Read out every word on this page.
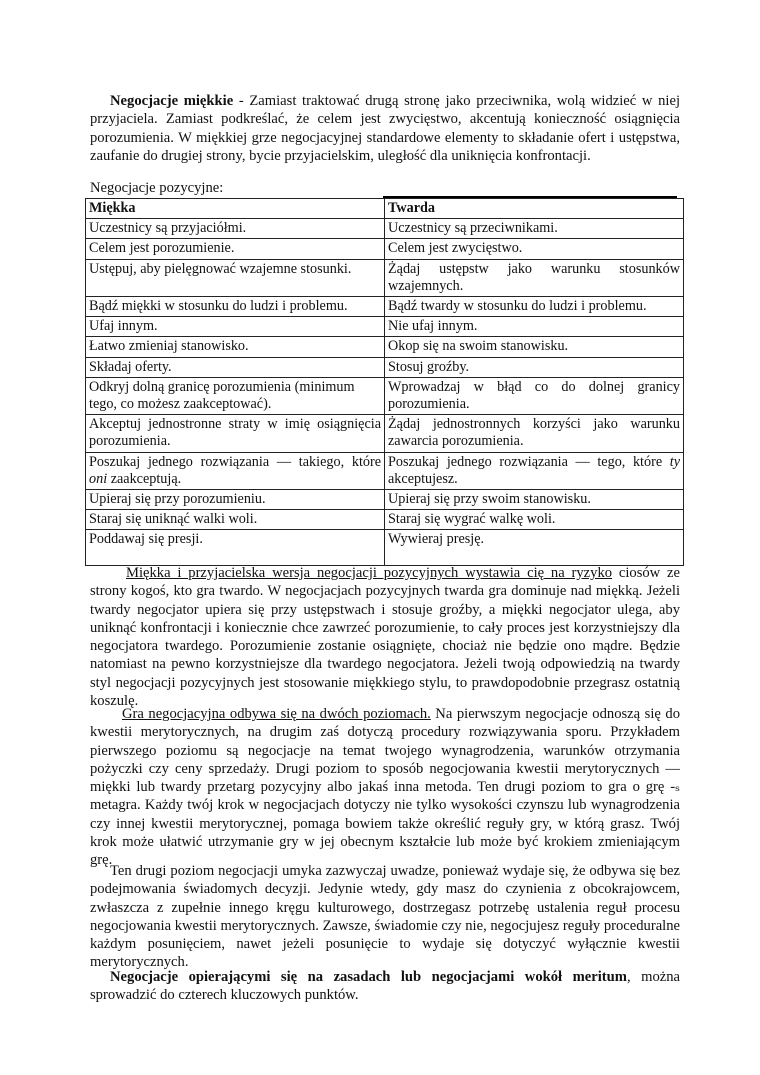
Negocjacje miękkie - Zamiast traktować drugą stronę jako przeciwnika, wolą widzieć w niej przyjaciela. Zamiast podkreślać, że celem jest zwycięstwo, akcentują konieczność osiągnięcia porozumienia. W miękkiej grze negocjacyjnej standardowe elementy to składanie ofert i ustępstwa, zaufanie do drugiej strony, bycie przyjacielskim, uległość dla uniknięcia konfrontacji.
Negocjacje pozycyjne:
Miękka	Twarda
Uczestnicy są przyjaciółmi.	Uczestnicy są przeciwnikami.
Celem jest porozumienie.	Celem jest zwycięstwo.
Ustępuj, aby pielęgnować wzajemne stosunki.	Żądaj ustępstw jako warunku stosunków wzajemnych.
Bądź miękki w stosunku do ludzi i problemu.	Bądź twardy w stosunku do ludzi i problemu.
Ufaj innym.	Nie ufaj innym.
Łatwo zmieniaj stanowisko.	Okop się na swoim stanowisku.
Składaj oferty.	Stosuj groźby.
Odkryj dolną granicę porozumienia (minimum tego, co możesz zaakceptować).	Wprowadzaj w błąd co do dolnej granicy porozumienia.
Akceptuj jednostronne straty w imię osiągnięcia porozumienia.	Żądaj jednostronnych korzyści jako warunku zawarcia porozumienia.
Poszukaj jednego rozwiązania — takiego, które oni zaakceptują.	Poszukaj jednego rozwiązania — tego, które ty akceptujesz.
Upieraj się przy porozumieniu.	Upieraj się przy swoim stanowisku.
Staraj się uniknąć walki woli.	Staraj się wygrać walkę woli.
Poddawaj się presji.	Wywieraj presję.
Miękka i przyjacielska wersja negocjacji pozycyjnych wystawia cię na ryzyko ciosów ze strony kogoś, kto gra twardo. W negocjacjach pozycyjnych twarda gra dominuje nad miękką. Jeżeli twardy negocjator upiera się przy ustępstwach i stosuje groźby, a miękki negocjator ulega, aby uniknąć konfrontacji i koniecznie chce zawrzeć porozumienie, to cały proces jest korzystniejszy dla negocjatora twardego. Porozumienie zostanie osiągnięte, chociaż nie będzie ono mądre. Będzie natomiast na pewno korzystniejsze dla twardego negocjatora. Jeżeli twoją odpowiedzią na twardy styl negocjacji pozycyjnych jest stosowanie miękkiego stylu, to prawdopodobnie przegrasz ostatnią koszulę.
Gra negocjacyjna odbywa się na dwóch poziomach. Na pierwszym negocjacje odnoszą się do kwestii merytorycznych, na drugim zaś dotyczą procedury rozwiązywania sporu. Przykładem pierwszego poziomu są negocjacje na temat twojego wynagrodzenia, warunków otrzymania pożyczki czy ceny sprzedaży. Drugi poziom to sposób negocjowania kwestii merytorycznych — miękki lub twardy przetarg pozycyjny albo jakaś inna metoda. Ten drugi poziom to gra o grę -ₛ metagra. Każdy twój krok w negocjacjach dotyczy nie tylko wysokości czynszu lub wynagrodzenia czy innej kwestii merytorycznej, pomaga bowiem także określić reguły gry, w którą grasz. Twój krok może ułatwić utrzymanie gry w jej obecnym kształcie lub może być krokiem zmieniającym grę.
Ten drugi poziom negocjacji umyka zazwyczaj uwadze, ponieważ wydaje się, że odbywa się bez podejmowania świadomych decyzji. Jedynie wtedy, gdy masz do czynienia z obcokrajowcem, zwłaszcza z zupełnie innego kręgu kulturowego, dostrzegasz potrzebę ustalenia reguł procesu negocjowania kwestii merytorycznych. Zawsze, świadomie czy nie, negocjujesz reguły proceduralne każdym posunięciem, nawet jeżeli posunięcie to wydaje się dotyczyć wyłącznie kwestii merytorycznych.
Negocjacje opierającymi się na zasadach lub negocjacjami wokół meritum, można sprowadzić do czterech kluczowych punktów.
